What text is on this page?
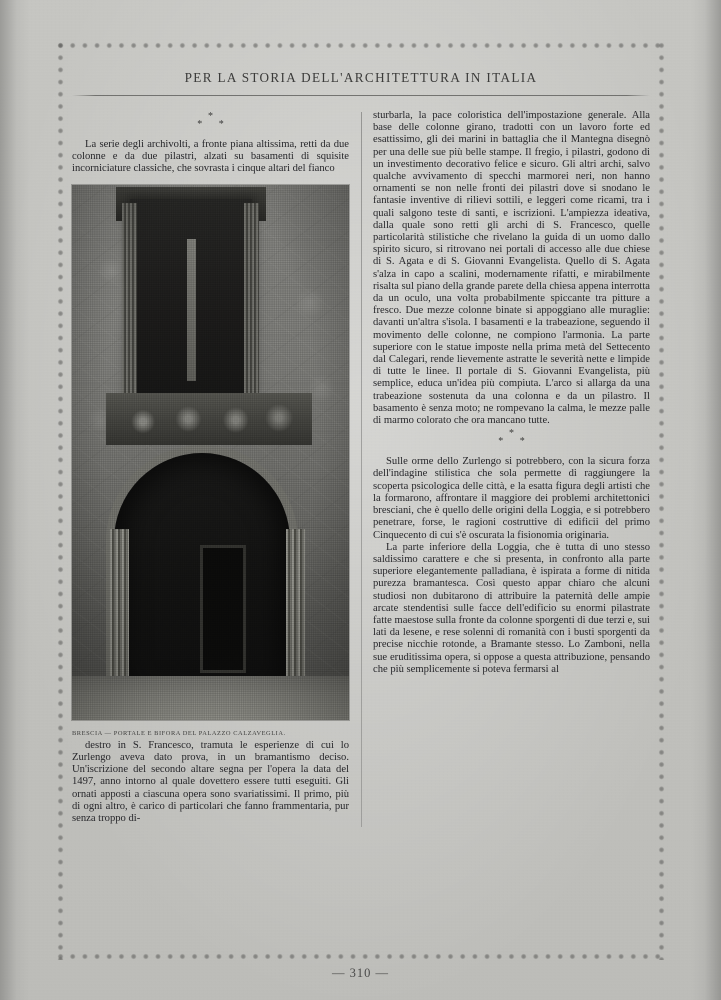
PER LA STORIA DELL'ARCHITETTURA IN ITALIA
*
* *

La serie degli archivolti, a fronte piana altissima, retti da due colonne e da due pilastri, alzati su basamenti di squisite incorniciature classiche, che sovrasta i cinque altari del fianco

BRESCIA — PORTALE E BIFORA DEL PALAZZO CALZAVEGLIA.

destro in S. Francesco, tramuta le esperienze di cui lo Zurlengo aveva dato prova, in un bramantismo deciso. Un'iscrizione del secondo altare segna per l'opera la data del 1497, anno intorno al quale dovettero essere tutti eseguiti. Gli ornati apposti a ciascuna opera sono svariatissimi. Il primo, più di ogni altro, è carico di particolari che fanno frammentaria, pur senza troppo di-

sturbarla, la pace coloristica dell'impostazione generale. Alla base delle colonne girano, tradotti con un lavoro forte ed esattissimo, gli dei marini in battaglia che il Mantegna disegnò per una delle sue più belle stampe. Il fregio, i pilastri, godono di un investimento decorativo felice e sicuro. Gli altri archi, salvo qualche avvivamento di specchi marmorei neri, non hanno ornamenti se non nelle fronti dei pilastri dove si snodano le fantasie inventive di rilievi sottili, e leggeri come ricami, tra i quali salgono teste di santi, e iscrizioni. L'ampiezza ideativa, dalla quale sono retti gli archi di S. Francesco, quelle particolarità stilistiche che rivelano la guida di un uomo dallo spirito sicuro, si ritrovano nei portali di accesso alle due chiese di S. Agata e di S. Giovanni Evangelista. Quello di S. Agata s'alza in capo a scalini, modernamente rifatti, e mirabilmente risalta sul piano della grande parete della chiesa appena interrotta da un oculo, una volta probabilmente spiccante tra pitture a fresco. Due mezze colonne binate si appoggiano alle muraglie: davanti un'altra s'isola. I basamenti e la trabeazione, seguendo il movimento delle colonne, ne compiono l'armonia. La parte superiore con le statue imposte nella prima metà del Settecento dal Calegari, rende lievemente astratte le severità nette e limpide di tutte le linee. Il portale di S. Giovanni Evangelista, più semplice, educa un'idea più compiuta. L'arco si allarga da una trabeazione sostenuta da una colonna e da un pilastro. Il basamento è senza moto; ne rompevano la calma, le mezze palle di marmo colorato che ora mancano tutte.

*
* *

Sulle orme dello Zurlengo si potrebbero, con la sicura forza dell'indagine stilistica che sola permette di raggiungere la scoperta psicologica delle città, e la esatta figura degli artisti che la formarono, affrontare il maggiore dei problemi architettonici bresciani, che è quello delle origini della Loggia, e si potrebbero penetrare, forse, le ragioni costruttive di edificii del primo Cinquecento di cui s'è oscurata la fisionomia originaria.

La parte inferiore della Loggia, che è tutta di uno stesso saldissimo carattere e che si presenta, in confronto alla parte superiore elegantemente palladiana, è ispirata a forme di nitida purezza bramantesca. Così questo appar chiaro che alcuni studiosi non dubitarono di attribuire la paternità delle ampie arcate stendentisi sulle facce dell'edificio su enormi pilastrate fatte maestose sulla fronte da colonne sporgenti di due terzi e, sui lati da lesene, e rese solenni di romanità con i busti sporgenti da precise nicchie rotonde, a Bramante stesso. Lo Zamboni, nella sue eruditissima opera, si oppose a questa attribuzione, pensando che più semplicemente si poteva fermarsi al

— 310 —
